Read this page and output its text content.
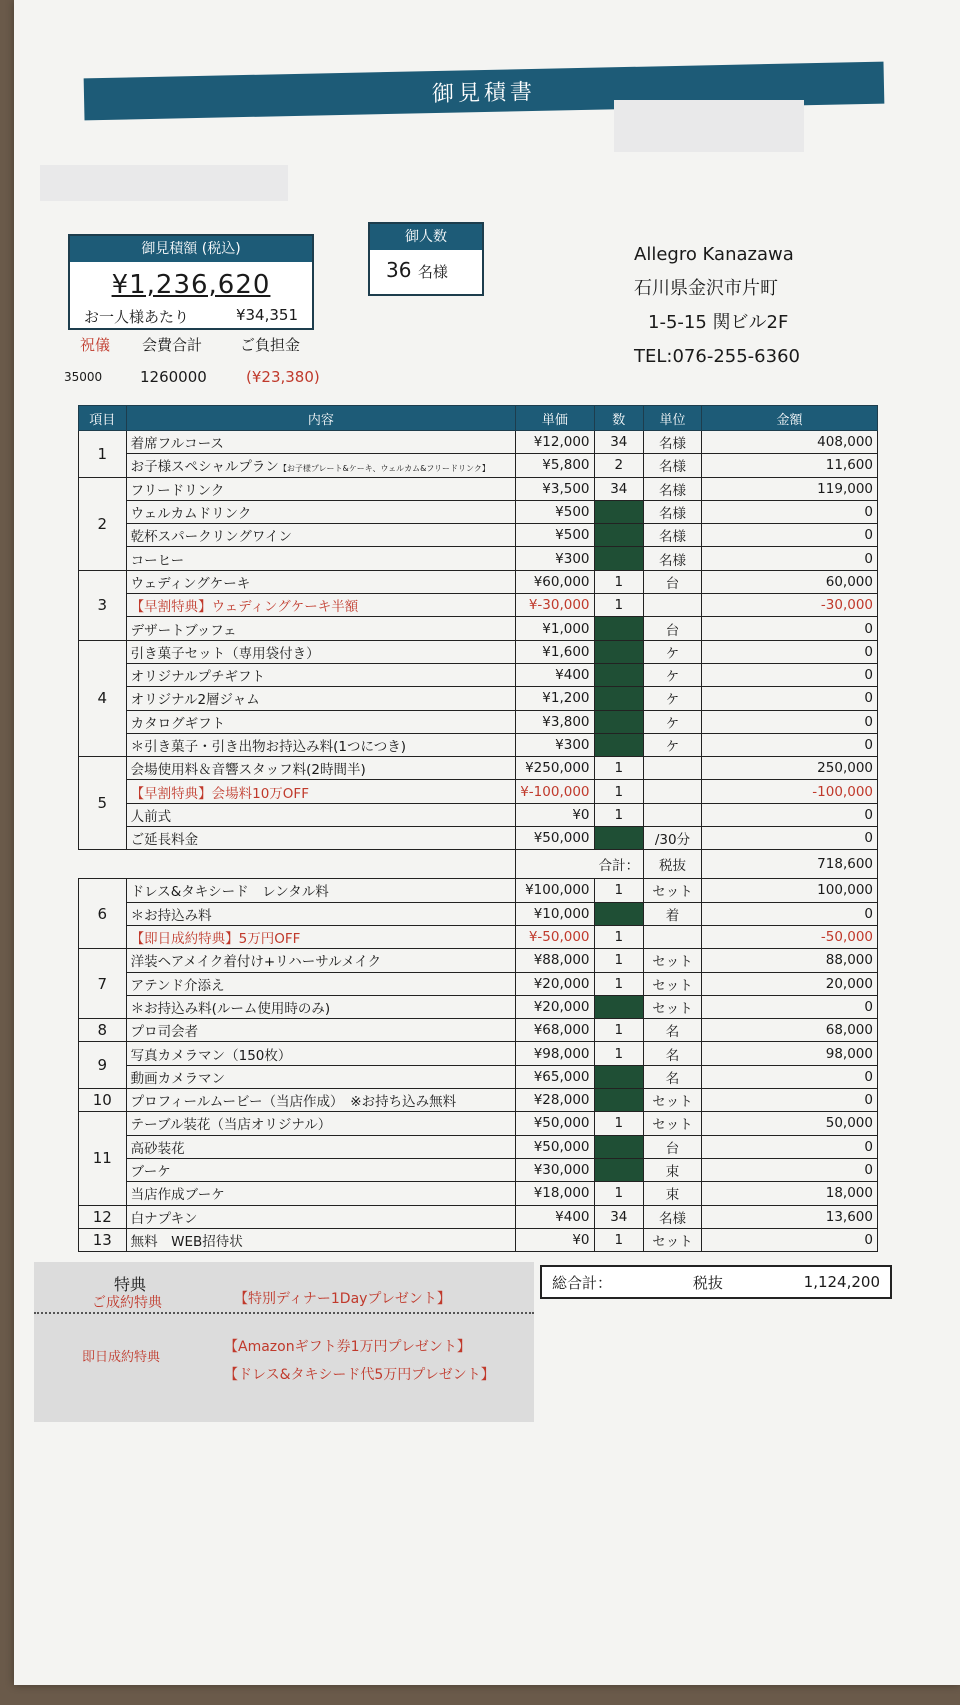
御見積書
御見積額 (税込)
¥1,236,620
お一人様あたり	¥34,351
御人数
36 名様
Allegro Kanazawa
石川県金沢市片町
1-5-15 関ビル2F
TEL:076-255-6360
祝儀 会費合計	ご負担金
35000	1260000	(¥23,380)
項目	内容	単価	数	単位	金額
1	着席フルコース	¥12,000	34	名様	408,000
	お子様スペシャルプラン【お子様プレート&ケーキ、ウェルカム&フリードリンク】	¥5,800	2	名様	11,600
2	フリードリンク	¥3,500	34	名様	119,000
	ウェルカムドリンク	¥500		名様	0
	乾杯スパークリングワイン	¥500		名様	0
	コーヒー	¥300		名様	0
3	ウェディングケーキ	¥60,000	1	台	60,000
	【早割特典】ウェディングケーキ半額	¥-30,000	1		-30,000
	デザートブッフェ	¥1,000		台	0
4	引き菓子セット（専用袋付き）	¥1,600		ケ	0
	オリジナルプチギフト	¥400		ケ	0
	オリジナル2層ジャム	¥1,200		ケ	0
	カタログギフト	¥3,800		ケ	0
	＊引き菓子・引き出物お持込み料(1つにつき)	¥300		ケ	0
5	会場使用料＆音響スタッフ料(2時間半)	¥250,000	1		250,000
	【早割特典】会場料10万OFF	¥-100,000	1		-100,000
	人前式	¥0	1		0
	ご延長料金	¥50,000		/30分	0
		合計：		税抜	718,600
6	ドレス&タキシード　レンタル料	¥100,000	1	セット	100,000
	＊お持込み料	¥10,000		着	0
	【即日成約特典】5万円OFF	¥-50,000	1		-50,000
7	洋装ヘアメイク着付け+リハーサルメイク	¥88,000	1	セット	88,000
	アテンド介添え	¥20,000	1	セット	20,000
	＊お持込み料(ルーム使用時のみ)	¥20,000		セット	0
8	プロ司会者	¥68,000	1	名	68,000
9	写真カメラマン（150枚）	¥98,000	1	名	98,000
	動画カメラマン	¥65,000		名	0
10	プロフィールムービー（当店作成）　※お持ち込み無料	¥28,000		セット	0
11	テーブル装花（当店オリジナル）	¥50,000	1	セット	50,000
	高砂装花	¥50,000		台	0
	ブーケ	¥30,000		束	0
	当店作成ブーケ	¥18,000	1	束	18,000
12	白ナプキン	¥400	34	名様	13,600
13	無料　WEB招待状	¥0	1	セット	0
特典
ご成約特典	【特別ディナー1Dayプレゼント】
即日成約特典
【Amazonギフト券1万円プレゼント】
【ドレス&タキシード代5万円プレゼント】
総合計：	税抜	1,124,200
